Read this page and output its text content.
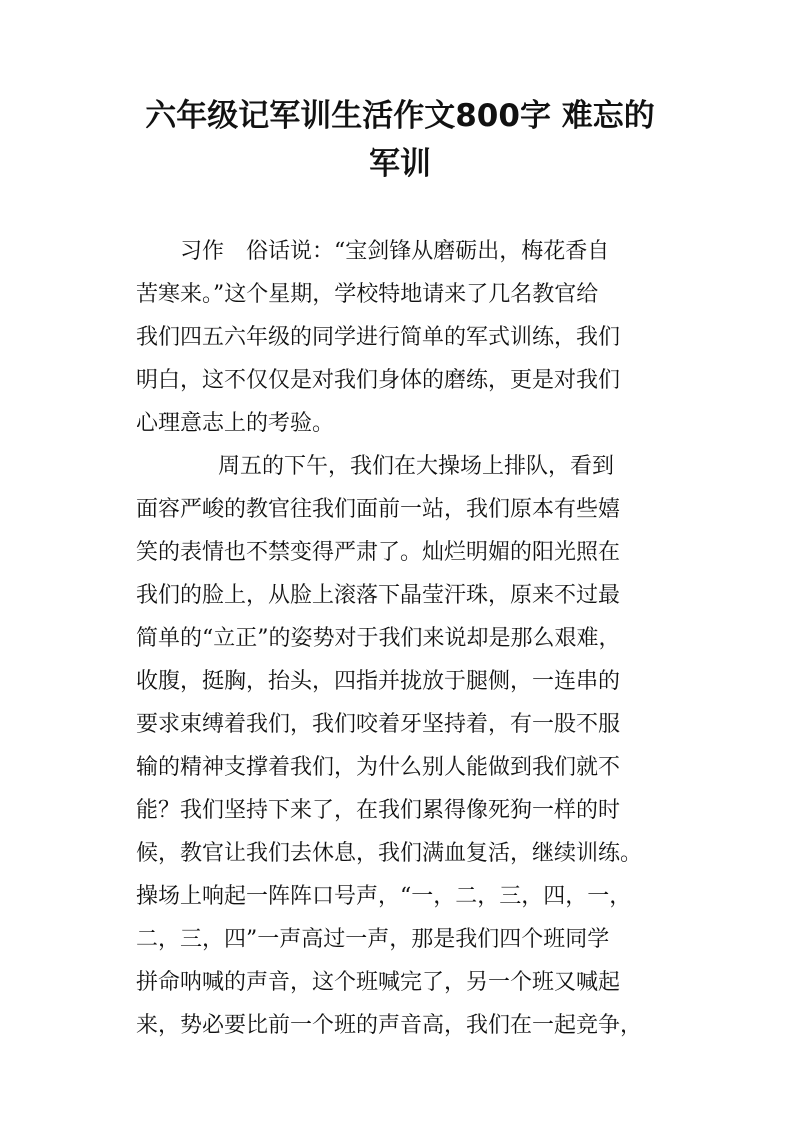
六年级记军训生活作文800字 难忘的
军训
习作　俗话说：“宝剑锋从磨砺出，梅花香自
苦寒来。”这个星期，学校特地请来了几名教官给
我们四五六年级的同学进行简单的军式训练，我们
明白，这不仅仅是对我们身体的磨练，更是对我们
心理意志上的考验。
周五的下午，我们在大操场上排队，看到
面容严峻的教官往我们面前一站，我们原本有些嬉
笑的表情也不禁变得严肃了。灿烂明媚的阳光照在
我们的脸上，从脸上滚落下晶莹汗珠，原来不过最
简单的“立正”的姿势对于我们来说却是那么艰难，
收腹，挺胸，抬头，四指并拢放于腿侧，一连串的
要求束缚着我们，我们咬着牙坚持着，有一股不服
输的精神支撑着我们，为什么别人能做到我们就不
能？我们坚持下来了，在我们累得像死狗一样的时
候，教官让我们去休息，我们满血复活，继续训练。
操场上响起一阵阵口号声，“一，二，三，四，一，
二，三，四”一声高过一声，那是我们四个班同学
拼命呐喊的声音，这个班喊完了，另一个班又喊起
来，势必要比前一个班的声音高，我们在一起竞争，
